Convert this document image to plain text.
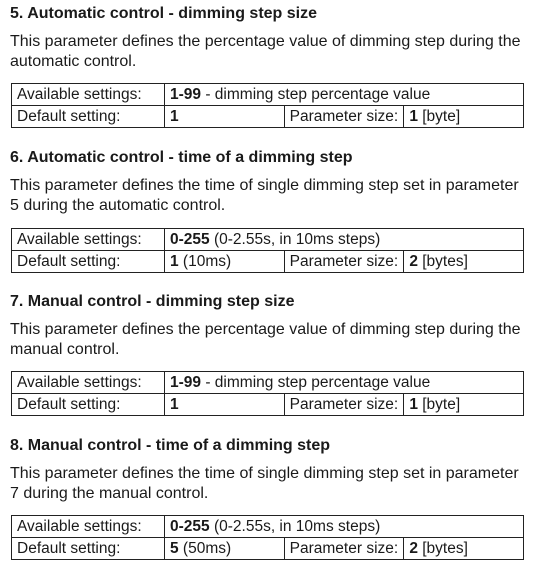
5. Automatic control - dimming step size

This parameter defines the percentage value of dimming step during the automatic control.

Available settings:	1-99 - dimming step percentage value		
Default setting:	1	Parameter size:	1 [byte]

6. Automatic control - time of a dimming step

This parameter defines the time of single dimming step set in parameter 5 during the automatic control.

Available settings:	0-255 (0-2.55s, in 10ms steps)		
Default setting:	1 (10ms)	Parameter size:	2 [bytes]

7. Manual control - dimming step size

This parameter defines the percentage value of dimming step during the manual control.

Available settings:	1-99 - dimming step percentage value		
Default setting:	1	Parameter size:	1 [byte]

8. Manual control - time of a dimming step

This parameter defines the time of single dimming step set in parameter 7 during the manual control.

Available settings:	0-255 (0-2.55s, in 10ms steps)		
Default setting:	5 (50ms)	Parameter size:	2 [bytes]
